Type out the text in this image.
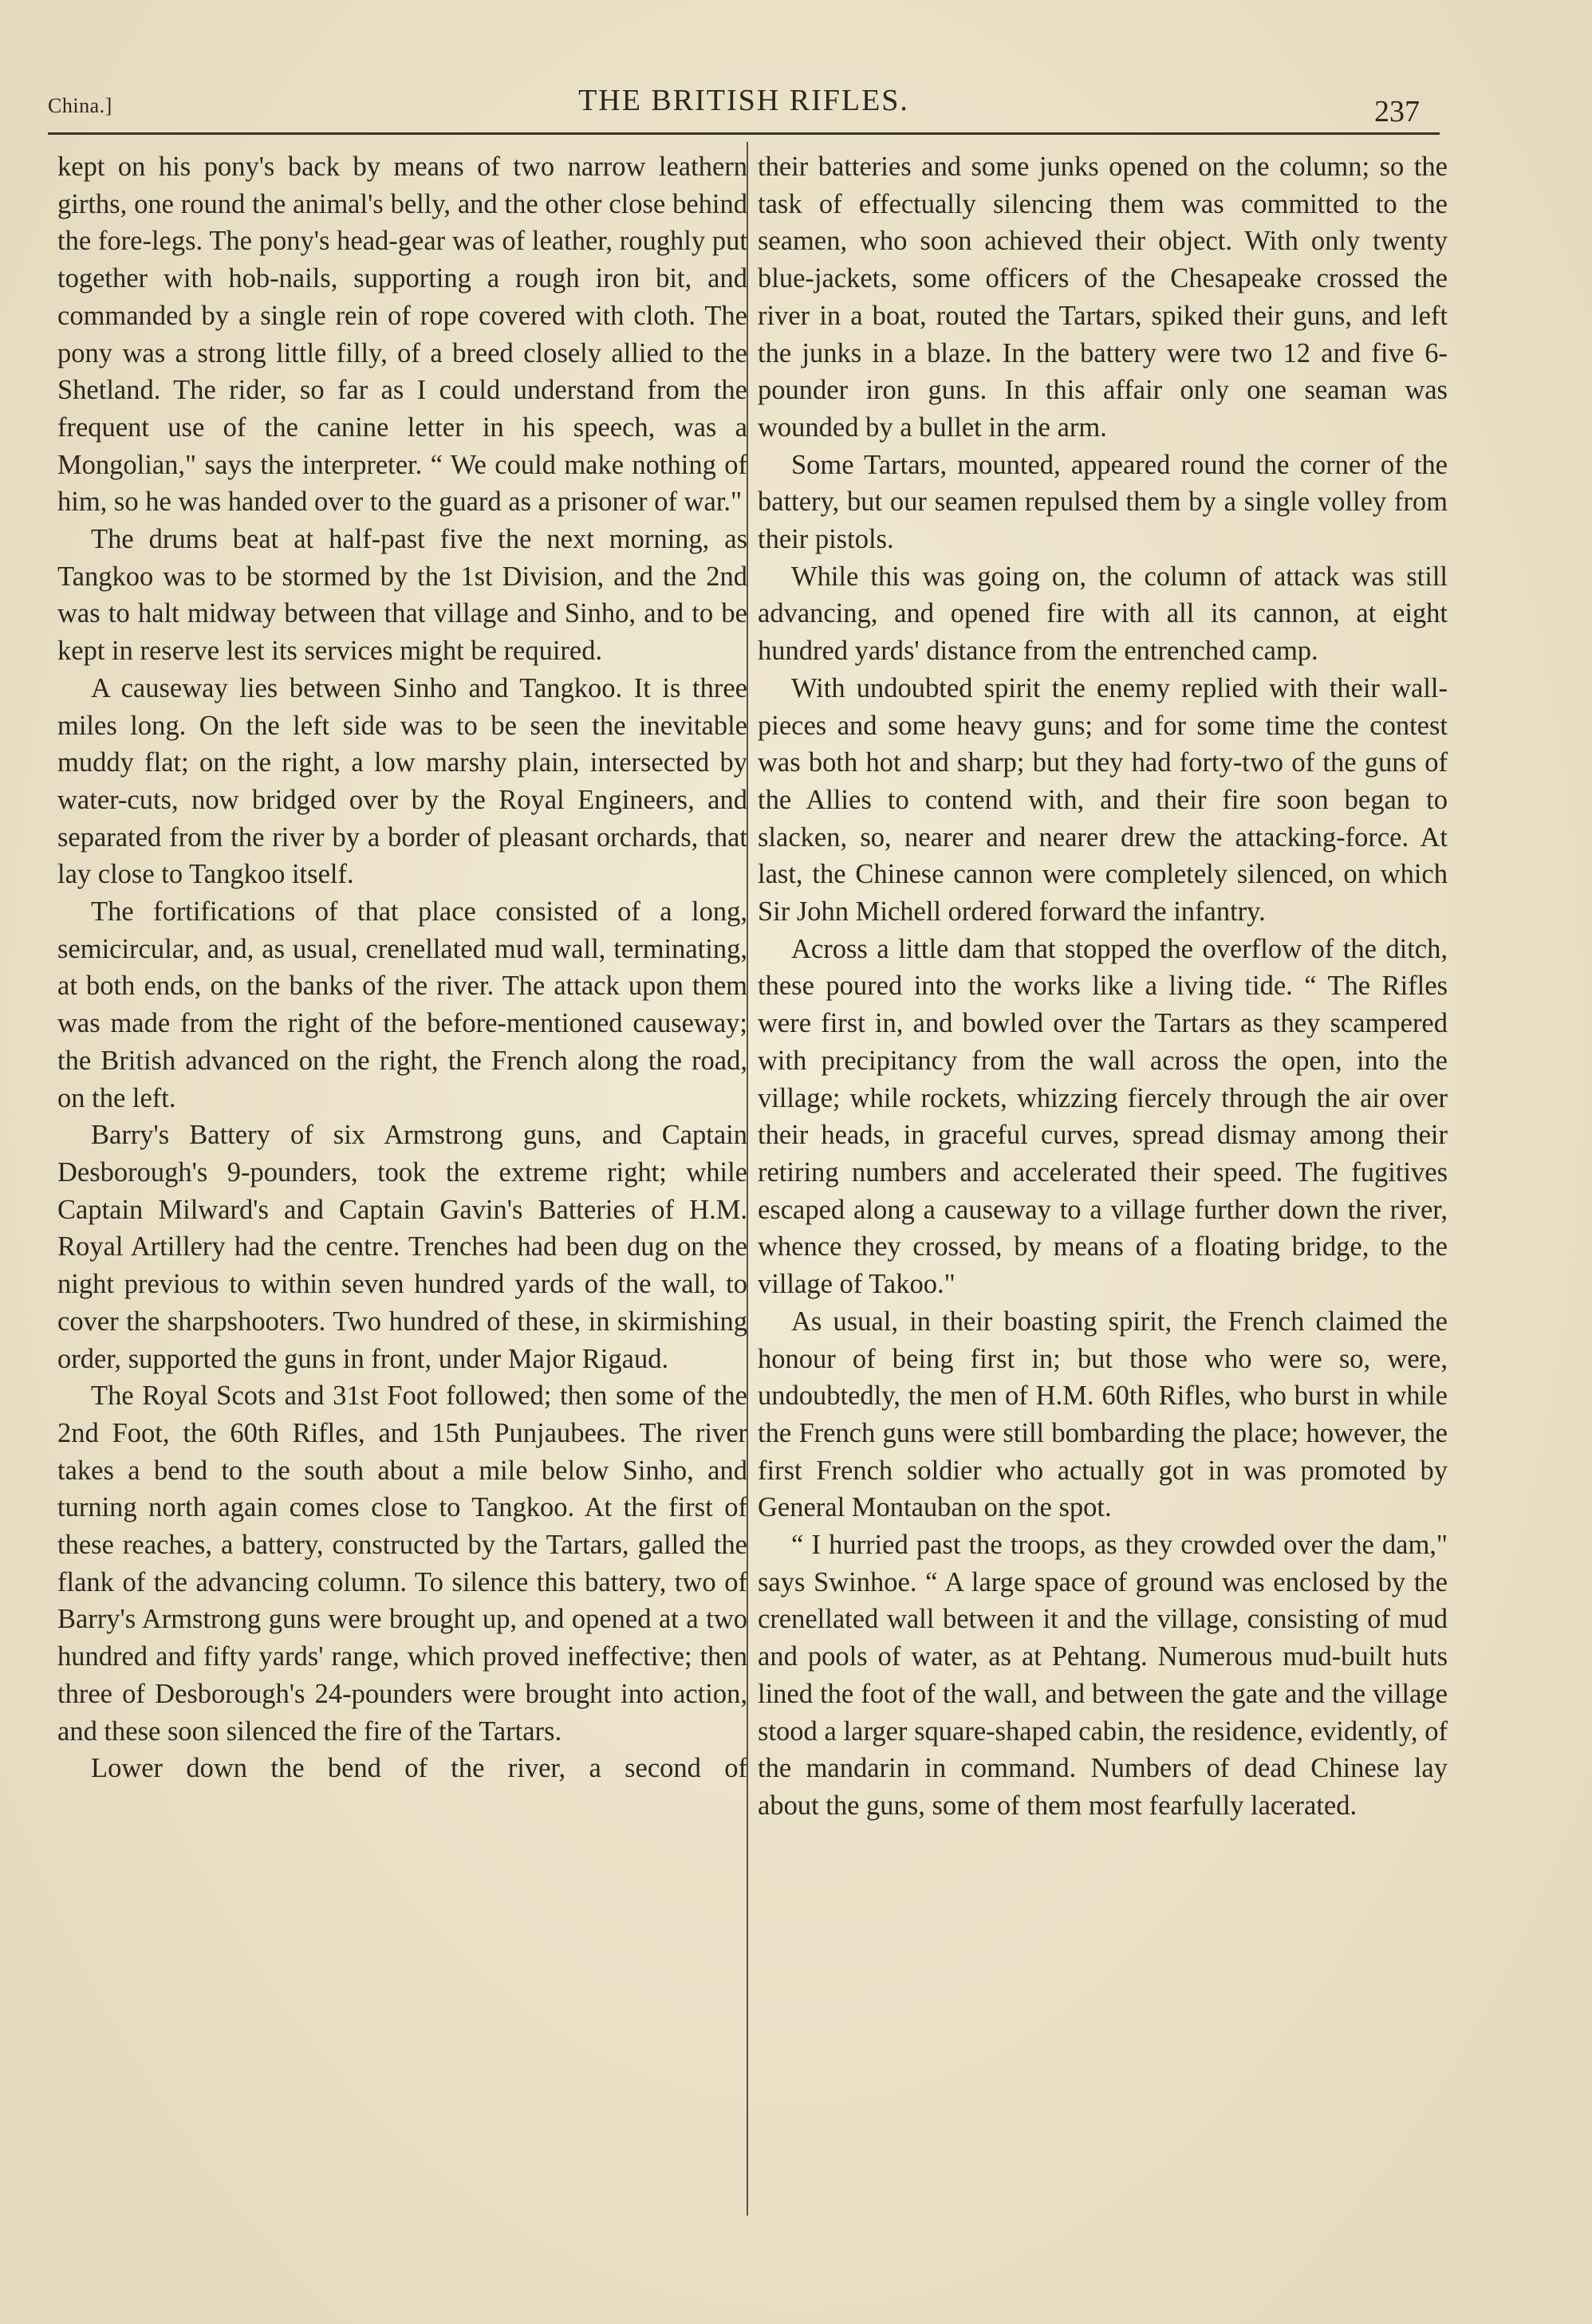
China.]	THE BRITISH RIFLES.	237

kept on his pony's back by means of two narrow leathern girths, one round the animal's belly, and the other close behind the fore-legs. The pony's head-gear was of leather, roughly put together with hob-nails, supporting a rough iron bit, and commanded by a single rein of rope covered with cloth. The pony was a strong little filly, of a breed closely allied to the Shetland. The rider, so far as I could understand from the frequent use of the canine letter in his speech, was a Mongolian," says the interpreter. “ We could make nothing of him, so he was handed over to the guard as a prisoner of war."

The drums beat at half-past five the next morning, as Tangkoo was to be stormed by the 1st Division, and the 2nd was to halt midway between that village and Sinho, and to be kept in reserve lest its services might be required.

A causeway lies between Sinho and Tangkoo. It is three miles long. On the left side was to be seen the inevitable muddy flat; on the right, a low marshy plain, intersected by water-cuts, now bridged over by the Royal Engineers, and separated from the river by a border of pleasant orchards, that lay close to Tangkoo itself.

The fortifications of that place consisted of a long, semicircular, and, as usual, crenellated mud wall, terminating, at both ends, on the banks of the river. The attack upon them was made from the right of the before-mentioned causeway; the British advanced on the right, the French along the road, on the left.

Barry's Battery of six Armstrong guns, and Captain Desborough's 9-pounders, took the extreme right; while Captain Milward's and Captain Gavin's Batteries of H.M. Royal Artillery had the centre. Trenches had been dug on the night previous to within seven hundred yards of the wall, to cover the sharpshooters. Two hundred of these, in skirmishing order, supported the guns in front, under Major Rigaud.

The Royal Scots and 31st Foot followed; then some of the 2nd Foot, the 60th Rifles, and 15th Punjaubees. The river takes a bend to the south about a mile below Sinho, and turning north again comes close to Tangkoo. At the first of these reaches, a battery, constructed by the Tartars, galled the flank of the advancing column. To silence this battery, two of Barry's Armstrong guns were brought up, and opened at a two hundred and fifty yards' range, which proved ineffective; then three of Desborough's 24-pounders were brought into action, and these soon silenced the fire of the Tartars.

Lower down the bend of the river, a second of

their batteries and some junks opened on the column; so the task of effectually silencing them was committed to the seamen, who soon achieved their object. With only twenty blue-jackets, some officers of the Chesapeake crossed the river in a boat, routed the Tartars, spiked their guns, and left the junks in a blaze. In the battery were two 12 and five 6-pounder iron guns. In this affair only one seaman was wounded by a bullet in the arm.

Some Tartars, mounted, appeared round the corner of the battery, but our seamen repulsed them by a single volley from their pistols.

While this was going on, the column of attack was still advancing, and opened fire with all its cannon, at eight hundred yards' distance from the entrenched camp.

With undoubted spirit the enemy replied with their wall-pieces and some heavy guns; and for some time the contest was both hot and sharp; but they had forty-two of the guns of the Allies to contend with, and their fire soon began to slacken, so, nearer and nearer drew the attacking-force. At last, the Chinese cannon were completely silenced, on which Sir John Michell ordered forward the infantry.

Across a little dam that stopped the overflow of the ditch, these poured into the works like a living tide. “ The Rifles were first in, and bowled over the Tartars as they scampered with precipitancy from the wall across the open, into the village; while rockets, whizzing fiercely through the air over their heads, in graceful curves, spread dismay among their retiring numbers and accelerated their speed. The fugitives escaped along a causeway to a village further down the river, whence they crossed, by means of a floating bridge, to the village of Takoo."

As usual, in their boasting spirit, the French claimed the honour of being first in; but those who were so, were, undoubtedly, the men of H.M. 60th Rifles, who burst in while the French guns were still bombarding the place; however, the first French soldier who actually got in was promoted by General Montauban on the spot.

“ I hurried past the troops, as they crowded over the dam," says Swinhoe. “ A large space of ground was enclosed by the crenellated wall between it and the village, consisting of mud and pools of water, as at Pehtang. Numerous mud-built huts lined the foot of the wall, and between the gate and the village stood a larger square-shaped cabin, the residence, evidently, of the mandarin in command. Numbers of dead Chinese lay about the guns, some of them most fearfully lacerated.
